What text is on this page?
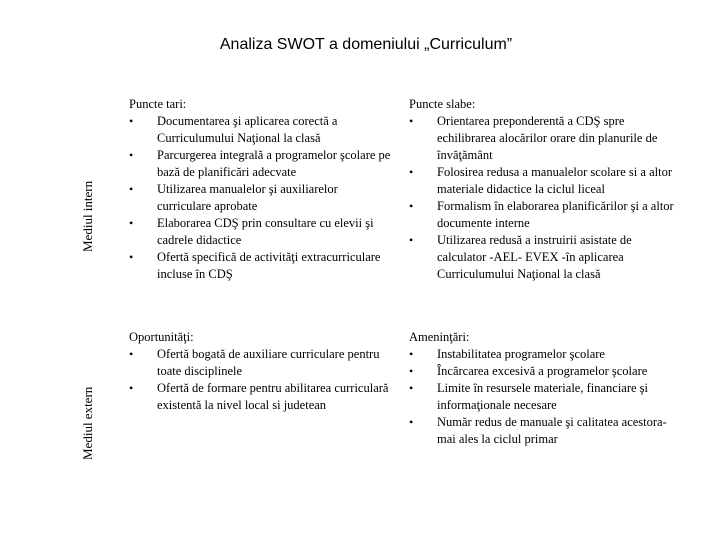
Analiza SWOT a domeniului „Curriculum”
Mediul intern
Mediul extern
Puncte tari:
• Documentarea şi aplicarea corectă a Curriculumului Naţional la clasă
• Parcurgerea integrală a programelor şcolare pe bază de planificări adecvate
• Utilizarea manualelor şi auxiliarelor curriculare aprobate
• Elaborarea CDŞ prin consultare cu elevii şi cadrele didactice
• Ofertă specifică de activităţi extracurriculare incluse în CDŞ
Puncte slabe:
• Orientarea preponderentă a CDŞ spre echilibrarea alocărilor orare din planurile de învăţământ
• Folosirea redusa a manualelor scolare si a altor materiale didactice la ciclul liceal
• Formalism în elaborarea planificărilor şi a altor documente interne
• Utilizarea redusă a instruirii asistate de calculator -AEL- EVEX -în aplicarea Curriculumului Naţional la clasă
Oportunităţi:
• Ofertă bogată de auxiliare curriculare pentru toate disciplinele
• Ofertă de formare pentru abilitarea curriculară existentă la nivel local si judetean
Ameninţări:
• Instabilitatea programelor şcolare
• Încărcarea excesivă a programelor şcolare
• Limite în resursele materiale, financiare şi informaţionale necesare
• Număr redus de manuale şi calitatea acestora- mai ales la ciclul primar
